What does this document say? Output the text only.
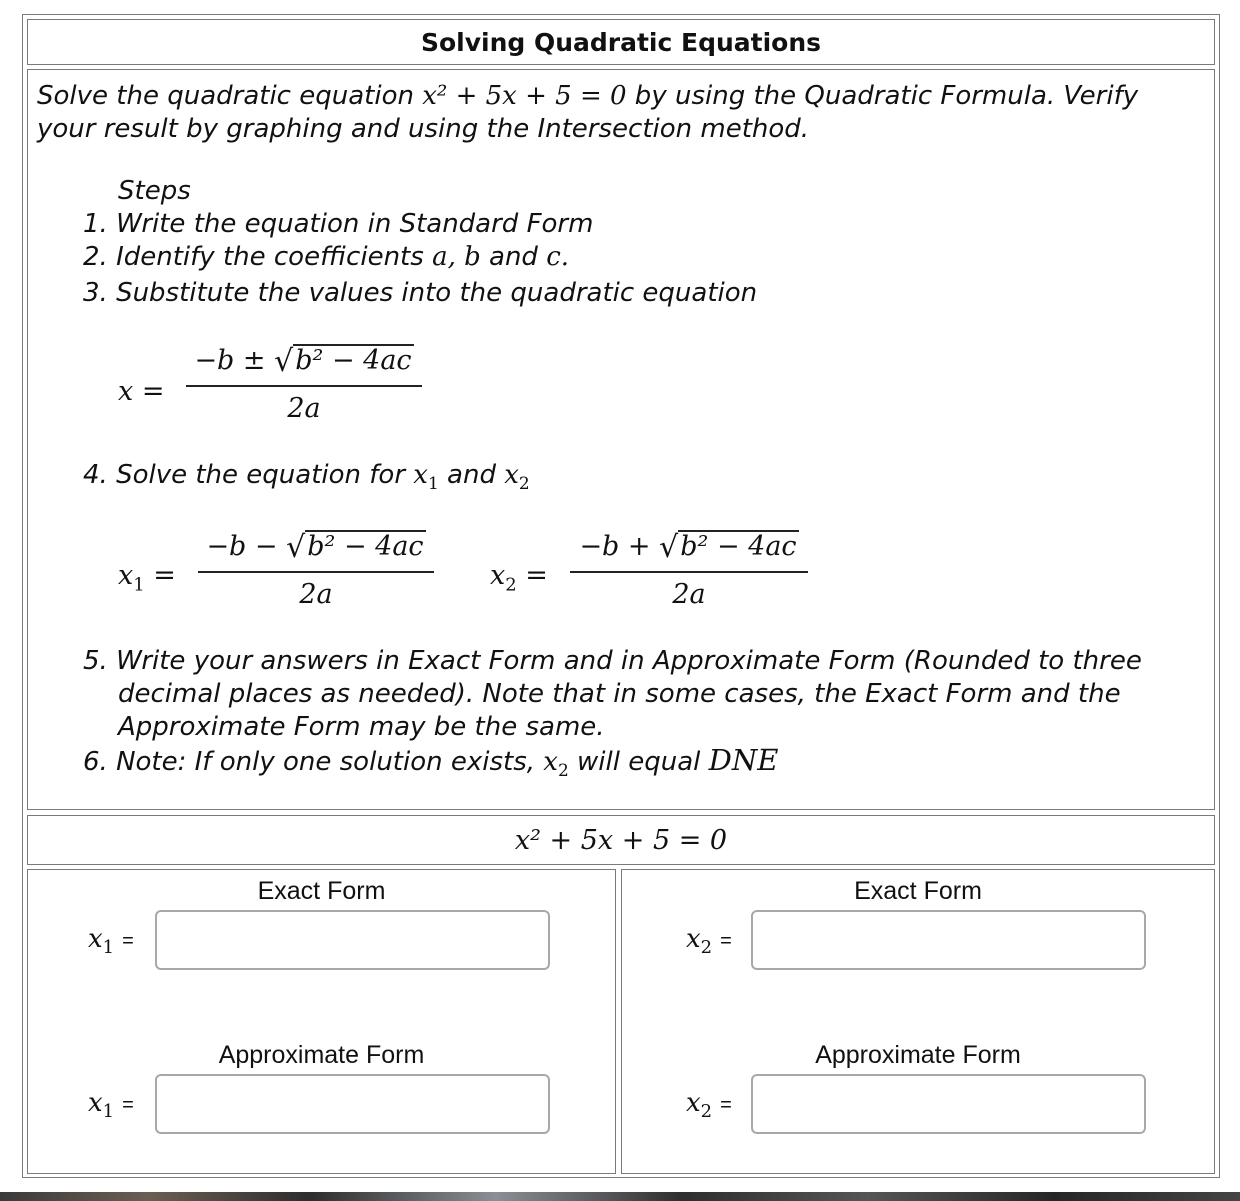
Solving Quadratic Equations
Solve the quadratic equation x² + 5x + 5 = 0 by using the Quadratic Formula. Verify your result by graphing and using the Intersection method.
Steps
1. Write the equation in Standard Form
2. Identify the coefficients a, b and c.
3. Substitute the values into the quadratic equation
x =
−b ± √b² − 4ac
2a
4. Solve the equation for $x_1$ and $x_2$
$x_1$ =
−b − √b² − 4ac
2a
$x_2$ =
−b + √b² − 4ac
2a
5. Write your answers in Exact Form and in Approximate Form (Rounded to three decimal places as needed). Note that in some cases, the Exact Form and the Approximate Form may be the same.
6. Note: If only one solution exists, $x_2$ will equal DNE
x² + 5x + 5 = 0
Exact Form
$x_1$ =
Approximate Form
$x_1$ =
Exact Form
$x_2$ =
Approximate Form
$x_2$ =
